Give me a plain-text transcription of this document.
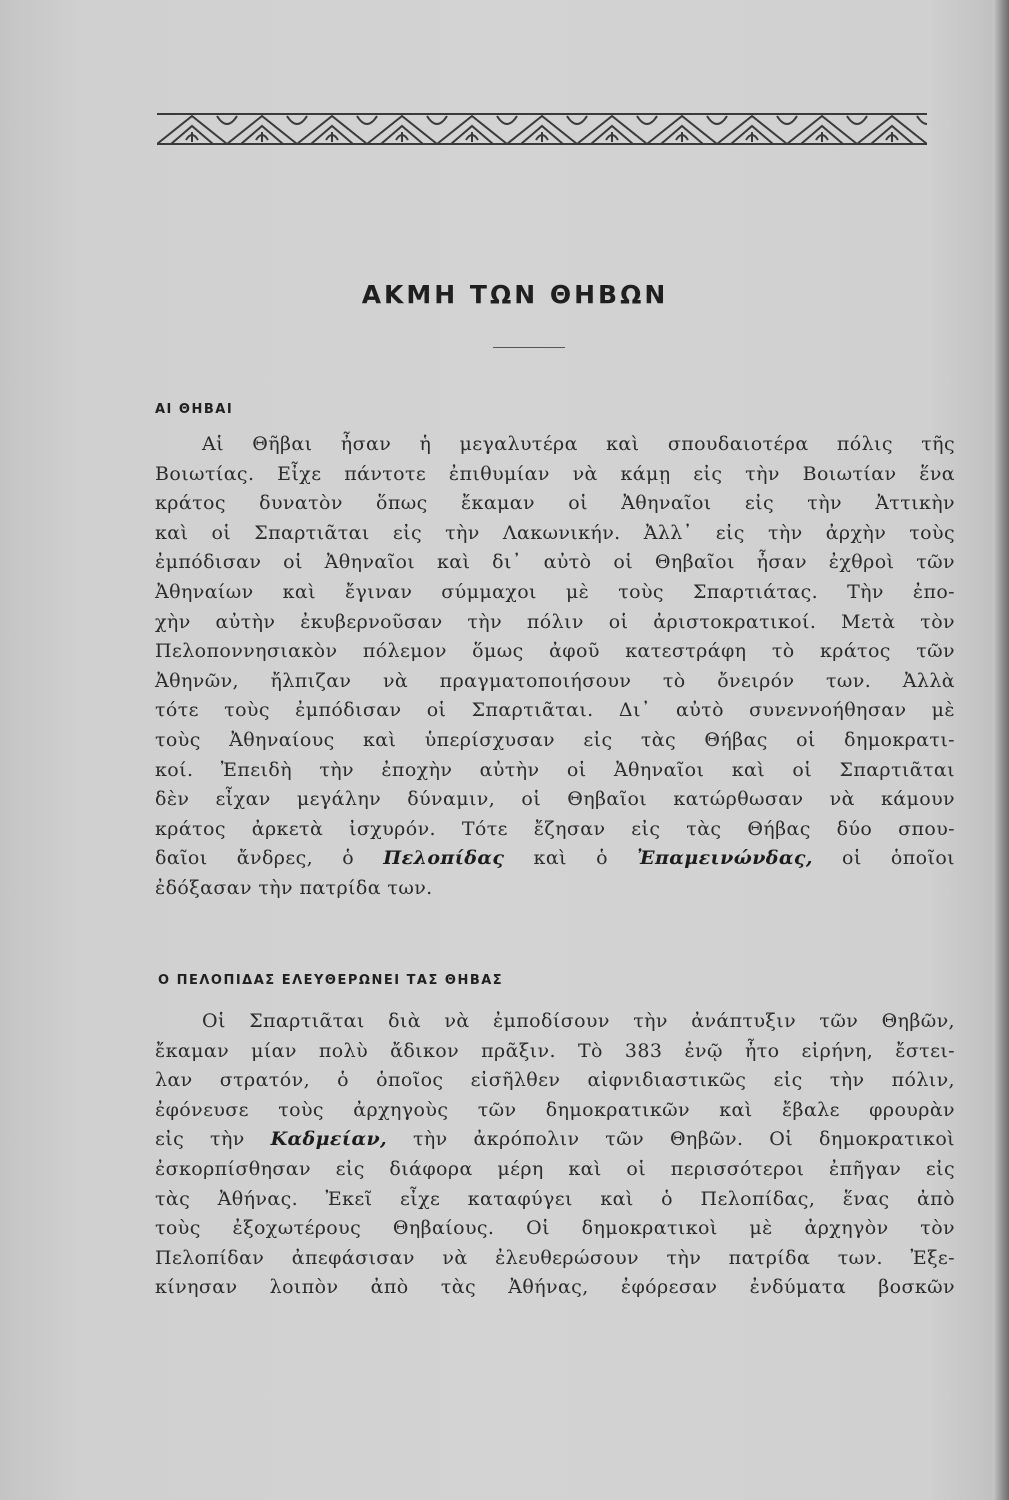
ΑΚΜΗ ΤΩΝ ΘΗΒΩΝ
ΑΙ ΘΗΒΑΙ
Αἱ Θῆβαι ἦσαν ἡ μεγαλυτέρα καὶ σπουδαιοτέρα πόλις τῆς
Βοιωτίας. Εἶχε πάντοτε ἐπιθυμίαν νὰ κάμῃ εἰς τὴν Βοιωτίαν ἕνα
κράτος δυνατὸν ὅπως ἔκαμαν οἱ Ἀθηναῖοι εἰς τὴν Ἀττικὴν
καὶ οἱ Σπαρτιᾶται εἰς τὴν Λακωνικήν. Ἀλλ᾽ εἰς τὴν ἀρχὴν τοὺς
ἐμπόδισαν οἱ Ἀθηναῖοι καὶ δι᾽ αὐτὸ οἱ Θηβαῖοι ἦσαν ἐχθροὶ τῶν
Ἀθηναίων καὶ ἔγιναν σύμμαχοι μὲ τοὺς Σπαρτιάτας. Τὴν ἐπο-
χὴν αὐτὴν ἐκυβερνοῦσαν τὴν πόλιν οἱ ἀριστοκρατικοί. Μετὰ τὸν
Πελοποννησιακὸν πόλεμον ὅμως ἀφοῦ κατεστράφη τὸ κράτος τῶν
Ἀθηνῶν, ἤλπιζαν νὰ πραγματοποιήσουν τὸ ὄνειρόν των. Ἀλλὰ
τότε τοὺς ἐμπόδισαν οἱ Σπαρτιᾶται. Δι᾽ αὐτὸ συνεννοήθησαν μὲ
τοὺς Ἀθηναίους καὶ ὑπερίσχυσαν εἰς τὰς Θήβας οἱ δημοκρατι-
κοί. Ἐπειδὴ τὴν ἐποχὴν αὐτὴν οἱ Ἀθηναῖοι καὶ οἱ Σπαρτιᾶται
δὲν εἶχαν μεγάλην δύναμιν, οἱ Θηβαῖοι κατώρθωσαν νὰ κάμουν
κράτος ἀρκετὰ ἰσχυρόν. Τότε ἔζησαν εἰς τὰς Θήβας δύο σπου-
δαῖοι ἄνδρες, ὁ Πελοπίδας καὶ ὁ Ἐπαμεινώνδας, οἱ ὁποῖοι
ἐδόξασαν τὴν πατρίδα των.
Ο ΠΕΛΟΠΙΔΑΣ ΕΛΕΥΘΕΡΩΝΕΙ ΤΑΣ ΘΗΒΑΣ
Οἱ Σπαρτιᾶται διὰ νὰ ἐμποδίσουν τὴν ἀνάπτυξιν τῶν Θηβῶν,
ἔκαμαν μίαν πολὺ ἄδικον πρᾶξιν. Τὸ 383 ἐνῷ ἦτο εἰρήνη, ἔστει-
λαν στρατόν, ὁ ὁποῖος εἰσῆλθεν αἰφνιδιαστικῶς εἰς τὴν πόλιν,
ἐφόνευσε τοὺς ἀρχηγοὺς τῶν δημοκρατικῶν καὶ ἔβαλε φρουρὰν
εἰς τὴν Καδμείαν, τὴν ἀκρόπολιν τῶν Θηβῶν. Οἱ δημοκρατικοὶ
ἐσκορπίσθησαν εἰς διάφορα μέρη καὶ οἱ περισσότεροι ἐπῆγαν εἰς
τὰς Ἀθήνας. Ἐκεῖ εἶχε καταφύγει καὶ ὁ Πελοπίδας, ἕνας ἀπὸ
τοὺς ἐξοχωτέρους Θηβαίους. Οἱ δημοκρατικοὶ μὲ ἀρχηγὸν τὸν
Πελοπίδαν ἀπεφάσισαν νὰ ἐλευθερώσουν τὴν πατρίδα των. Ἐξε-
κίνησαν λοιπὸν ἀπὸ τὰς Ἀθήνας, ἐφόρεσαν ἐνδύματα βοσκῶν
